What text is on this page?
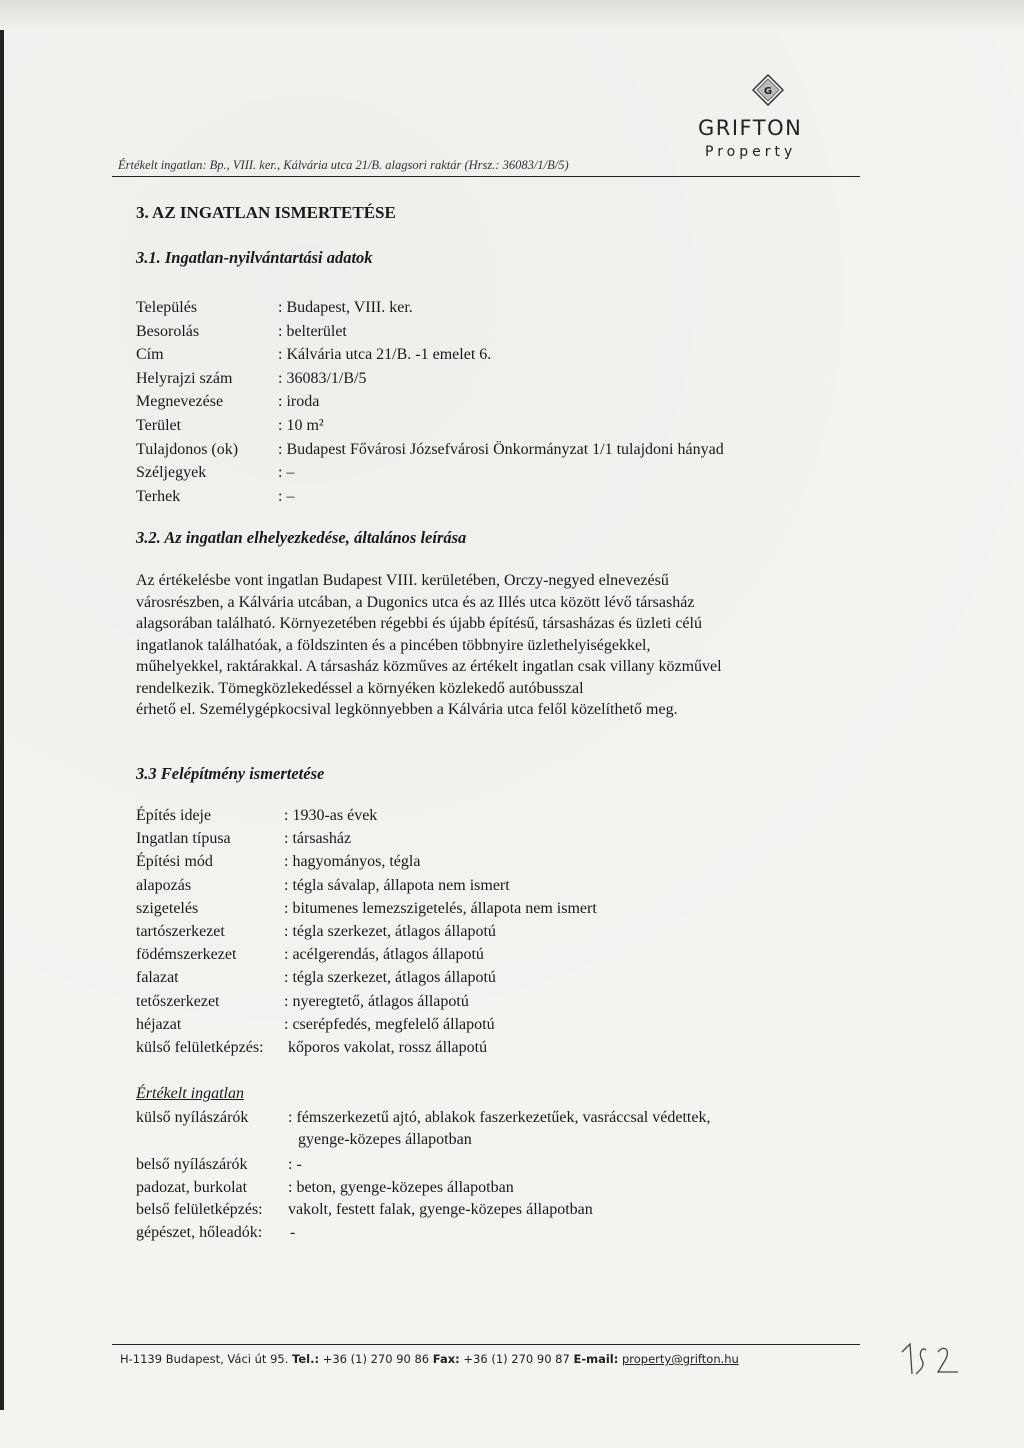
G
GRIFTON
Property
Értékelt ingatlan: Bp., VIII. ker., Kálvária utca 21/B. alagsori raktár (Hrsz.: 36083/1/B/5)
3. AZ INGATLAN ISMERTETÉSE
3.1. Ingatlan-nyilvántartási adatok
Település	: Budapest, VIII. ker.
Besorolás	: belterület
Cím	: Kálvária utca 21/B. -1 emelet 6.
Helyrajzi szám	: 36083/1/B/5
Megnevezése	: iroda
Terület	: 10 m²
Tulajdonos (ok) : Budapest Fővárosi Józsefvárosi Önkormányzat 1/1 tulajdoni hányad
Széljegyek	: –
Terhek	: –
3.2. Az ingatlan elhelyezkedése, általános leírása
Az értékelésbe vont ingatlan Budapest VIII. kerületében, Orczy-negyed elnevezésű
városrészben, a Kálvária utcában, a Dugonics utca és az Illés utca között lévő társasház
alagsorában található. Környezetében régebbi és újabb építésű, társasházas és üzleti célú
ingatlanok találhatóak, a földszinten és a pincében többnyire üzlethelyiségekkel,
műhelyekkel, raktárakkal. A társasház közműves az értékelt ingatlan csak villany közművel
rendelkezik. Tömegközlekedéssel a környéken közlekedő autóbusszal
érhető el. Személygépkocsival legkönnyebben a Kálvária utca felől közelíthető meg.
3.3 Felépítmény ismertetése
Építés ideje	: 1930-as évek
Ingatlan típusa	: társasház
Építési mód	: hagyományos, tégla
alapozás	: tégla sávalap, állapota nem ismert
szigetelés	: bitumenes lemezszigetelés, állapota nem ismert
tartószerkezet	: tégla szerkezet, átlagos állapotú
födémszerkezet	: acélgerendás, átlagos állapotú
falazat	: tégla szerkezet, átlagos állapotú
tetőszerkezet	: nyeregtető, átlagos állapotú
héjazat	: cserépfedés, megfelelő állapotú
külső felületképzés: kőporos vakolat, rossz állapotú
Értékelt ingatlan
külső nyílászárók : fémszerkezetű ajtó, ablakok faszerkezetűek, vasráccsal védettek,
gyenge-közepes állapotban
belső nyílászárók	: -
padozat, burkolat	: beton, gyenge-közepes állapotban
belső felületképzés: vakolt, festett falak, gyenge-közepes állapotban
gépészet, hőleadók: -
H-1139 Budapest, Váci út 95. Tel.: +36 (1) 270 90 86 Fax: +36 (1) 270 90 87 E-mail: property@grifton.hu
